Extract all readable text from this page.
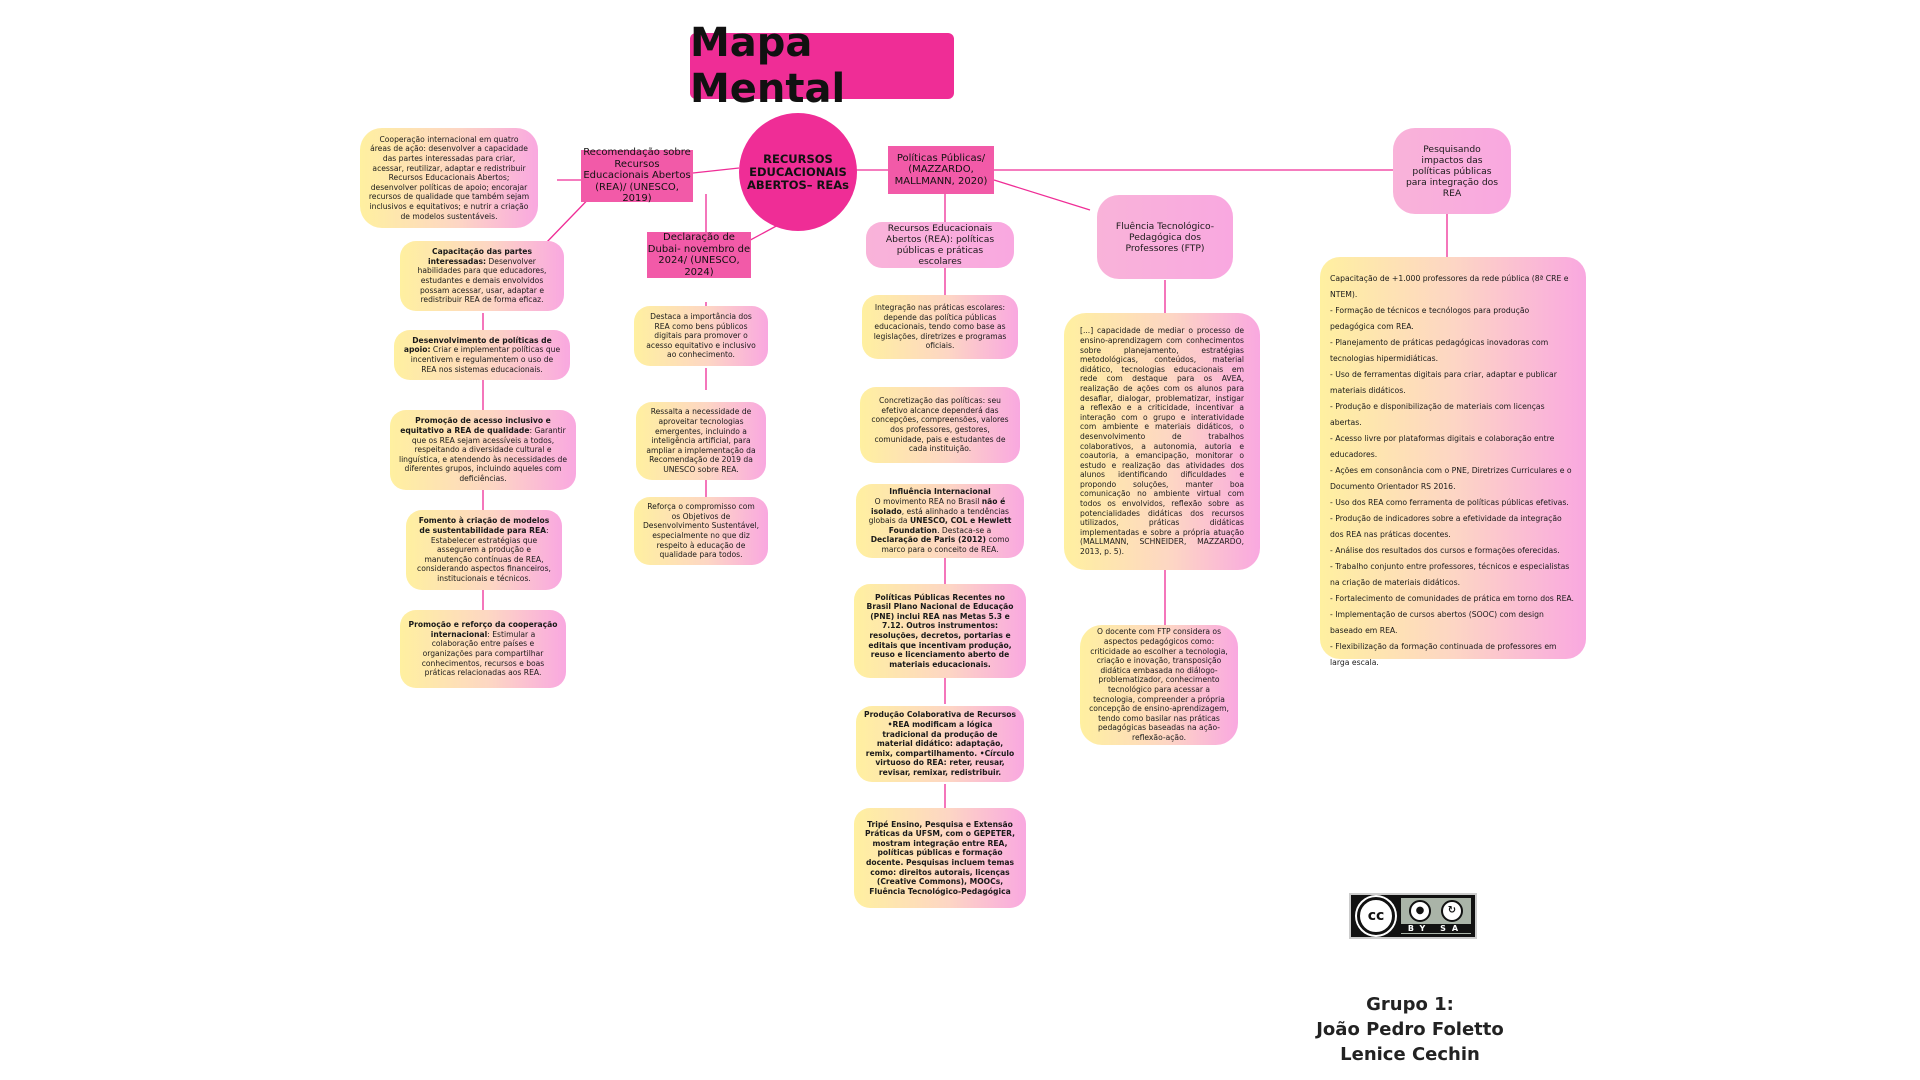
Mapa Mental
RECURSOS EDUCACIONAIS ABERTOS– REAs
Recomendação sobre Recursos Educacionais Abertos (REA)/ (UNESCO, 2019)
Declaração de Dubai- novembro de 2024/ (UNESCO, 2024)
Políticas Públicas/ (MAZZARDO, MALLMANN, 2020)
Fluência Tecnológico-Pedagógica dos Professores (FTP)
Pesquisando impactos das políticas públicas para integração dos REA
Cooperação internacional em quatro áreas de ação: desenvolver a capacidade das partes interessadas para criar, acessar, reutilizar, adaptar e redistribuir Recursos Educacionais Abertos; desenvolver políticas de apoio; encorajar recursos de qualidade que também sejam inclusivos e equitativos; e nutrir a criação de modelos sustentáveis.
Capacitação das partes interessadas: Desenvolver habilidades para que educadores, estudantes e demais envolvidos possam acessar, usar, adaptar e redistribuir REA de forma eficaz.
Desenvolvimento de políticas de apoio: Criar e implementar políticas que incentivem e regulamentem o uso de REA nos sistemas educacionais.
Promoção de acesso inclusivo e equitativo a REA de qualidade: Garantir que os REA sejam acessíveis a todos, respeitando a diversidade cultural e linguística, e atendendo às necessidades de diferentes grupos, incluindo aqueles com deficiências.
Fomento à criação de modelos de sustentabilidade para REA: Estabelecer estratégias que assegurem a produção e manutenção contínuas de REA, considerando aspectos financeiros, institucionais e técnicos.
Promoção e reforço da cooperação internacional: Estimular a colaboração entre países e organizações para compartilhar conhecimentos, recursos e boas práticas relacionadas aos REA.
Destaca a importância dos REA como bens públicos digitais para promover o acesso equitativo e inclusivo ao conhecimento.
Ressalta a necessidade de aproveitar tecnologias emergentes, incluindo a inteligência artificial, para ampliar a implementação da Recomendação de 2019 da UNESCO sobre REA.
Reforça o compromisso com os Objetivos de Desenvolvimento Sustentável, especialmente no que diz respeito à educação de qualidade para todos.
Recursos Educacionais Abertos (REA): políticas públicas e práticas escolares
Integração nas práticas escolares: depende das política públicas educacionais, tendo como base as legislações, diretrizes e programas oficiais.
Concretização das políticas: seu efetivo alcance dependerá das concepções, compreensões, valores dos professores, gestores, comunidade, pais e estudantes de cada instituição.
Influência Internacional
O movimento REA no Brasil não é isolado, está alinhado a tendências globais da UNESCO, COL e Hewlett Foundation. Destaca-se a Declaração de Paris (2012) como marco para o conceito de REA.
Políticas Públicas Recentes no Brasil Plano Nacional de Educação (PNE) inclui REA nas Metas 5.3 e 7.12. Outros instrumentos: resoluções, decretos, portarias e editais que incentivam produção, reuso e licenciamento aberto de materiais educacionais.
Produção Colaborativa de Recursos •REA modificam a lógica tradicional da produção de material didático: adaptação, remix, compartilhamento. •Círculo virtuoso do REA: reter, reusar, revisar, remixar, redistribuir.
Tripé Ensino, Pesquisa e Extensão Práticas da UFSM, com o GEPETER, mostram integração entre REA, políticas públicas e formação docente. Pesquisas incluem temas como: direitos autorais, licenças (Creative Commons), MOOCs, Fluência Tecnológico-Pedagógica
[...] capacidade de mediar o processo de ensino-aprendizagem com conhecimentos sobre planejamento, estratégias metodológicas, conteúdos, material didático, tecnologias educacionais em rede com destaque para os AVEA, realização de ações com os alunos para desafiar, dialogar, problematizar, instigar a reflexão e a criticidade, incentivar a interação com o grupo e interatividade com ambiente e materiais didáticos, o desenvolvimento de trabalhos colaborativos, a autonomia, autoria e coautoria, a emancipação, monitorar o estudo e realização das atividades dos alunos identificando dificuldades e propondo soluções, manter boa comunicação no ambiente virtual com todos os envolvidos, reflexão sobre as potencialidades didáticas dos recursos utilizados, práticas didáticas implementadas e sobre a própria atuação (MALLMANN, SCHNEIDER, MAZZARDO, 2013, p. 5).
O docente com FTP considera os aspectos pedagógicos como: criticidade ao escolher a tecnologia, criação e inovação, transposição didática embasada no diálogo-problematizador, conhecimento tecnológico para acessar a tecnologia, compreender a própria concepção de ensino-aprendizagem, tendo como basilar nas práticas pedagógicas baseadas na ação-reflexão-ação.
Capacitação de +1.000 professores da rede pública (8ª CRE e NTEM).
- Formação de técnicos e tecnólogos para produção pedagógica com REA.
- Planejamento de práticas pedagógicas inovadoras com tecnologias hipermidiáticas.
- Uso de ferramentas digitais para criar, adaptar e publicar materiais didáticos.
- Produção e disponibilização de materiais com licenças abertas.
- Acesso livre por plataformas digitais e colaboração entre educadores.
- Ações em consonância com o PNE, Diretrizes Curriculares e o Documento Orientador RS 2016.
- Uso dos REA como ferramenta de políticas públicas efetivas.
- Produção de indicadores sobre a efetividade da integração dos REA nas práticas docentes.
- Análise dos resultados dos cursos e formações oferecidas.
- Trabalho conjunto entre professores, técnicos e especialistas na criação de materiais didáticos.
- Fortalecimento de comunidades de prática em torno dos REA.
- Implementação de cursos abertos (SOOC) com design baseado em REA.
- Flexibilização da formação continuada de professores em larga escala.
cc	●	↻
BY SA
Grupo 1:
João Pedro Foletto
Lenice Cechin
